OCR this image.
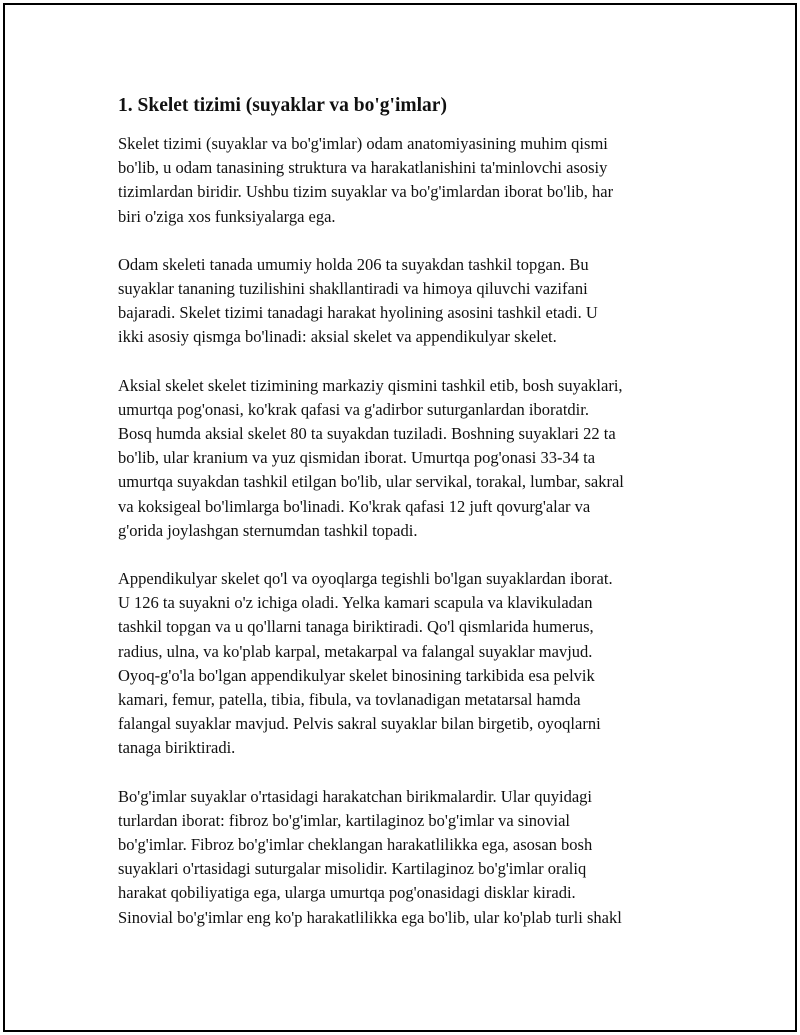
1. Skelet tizimi (suyaklar va bo'g'imlar)
Skelet tizimi (suyaklar va bo'g'imlar) odam anatomiyasining muhim qismi
bo'lib, u odam tanasining struktura va harakatlanishini ta'minlovchi asosiy
tizimlardan biridir. Ushbu tizim suyaklar va bo'g'imlardan iborat bo'lib, har
biri o'ziga xos funksiyalarga ega.
Odam skeleti tanada umumiy holda 206 ta suyakdan tashkil topgan. Bu
suyaklar tananing tuzilishini shakllantiradi va himoya qiluvchi vazifani
bajaradi. Skelet tizimi tanadagi harakat hyolining asosini tashkil etadi. U
ikki asosiy qismga bo'linadi: aksial skelet va appendikulyar skelet.
Aksial skelet skelet tizimining markaziy qismini tashkil etib, bosh suyaklari,
umurtqa pog'onasi, ko'krak qafasi va g'adirbor suturganlardan iboratdir.
Bosq humda aksial skelet 80 ta suyakdan tuziladi. Boshning suyaklari 22 ta
bo'lib, ular kranium va yuz qismidan iborat. Umurtqa pog'onasi 33-34 ta
umurtqa suyakdan tashkil etilgan bo'lib, ular servikal, torakal, lumbar, sakral
va koksigeal bo'limlarga bo'linadi. Ko'krak qafasi 12 juft qovurg'alar va
g'orida joylashgan sternumdan tashkil topadi.
Appendikulyar skelet qo'l va oyoqlarga tegishli bo'lgan suyaklardan iborat.
U 126 ta suyakni o'z ichiga oladi. Yelka kamari scapula va klavikuladan
tashkil topgan va u qo'llarni tanaga biriktiradi. Qo'l qismlarida humerus,
radius, ulna, va ko'plab karpal, metakarpal va falangal suyaklar mavjud.
Oyoq-g'o'la bo'lgan appendikulyar skelet binosining tarkibida esa pelvik
kamari, femur, patella, tibia, fibula, va tovlanadigan metatarsal hamda
falangal suyaklar mavjud. Pelvis sakral suyaklar bilan birgetib, oyoqlarni
tanaga biriktiradi.
Bo'g'imlar suyaklar o'rtasidagi harakatchan birikmalardir. Ular quyidagi
turlardan iborat: fibroz bo'g'imlar, kartilaginoz bo'g'imlar va sinovial
bo'g'imlar. Fibroz bo'g'imlar cheklangan harakatlilikka ega, asosan bosh
suyaklari o'rtasidagi suturgalar misolidir. Kartilaginoz bo'g'imlar oraliq
harakat qobiliyatiga ega, ularga umurtqa pog'onasidagi disklar kiradi.
Sinovial bo'g'imlar eng ko'p harakatlilikka ega bo'lib, ular ko'plab turli shakl
